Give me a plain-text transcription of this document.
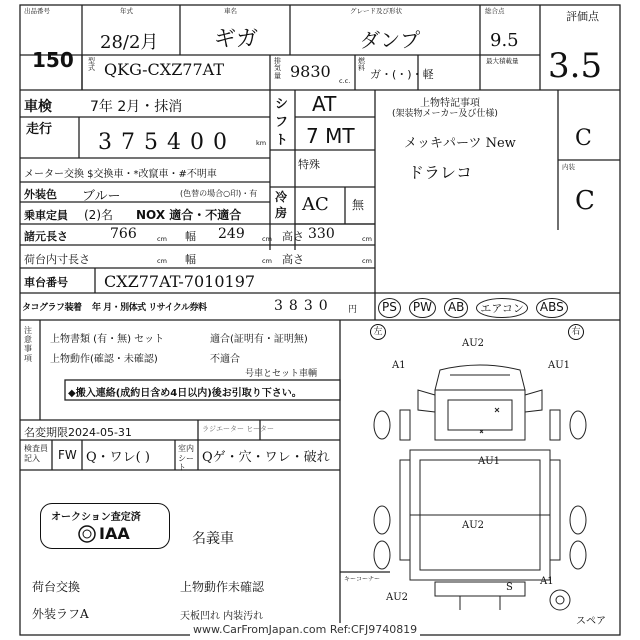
出品番号
150
年式
28/2月
車名
ギガ
グレード及び形状
ダンプ
総合点
9.5
評価点
3.5
型式 QKG-CXZ77AT	排気量 9830 c.c.
燃料 ガ・(・)・軽
最大積載量
車検	7年 2月・抹消
走行
375400	km
メーター交換 $交換車・*改竄車・#不明車
外装色 ブルー	(色替の場合○印)・有
乗車定員 (2)名 NOX 適合・不適合
諸元長さ	766	cm 幅 249	cm 高さ 330	cm
荷台内寸長さ	cm 幅	cm 高さ	cm
車台番号 CXZ77AT-7010197
タコグラフ装着 年 月・別体式 リサイクル券料	3830 円
シフト
AT
7 MT
特殊
冷房 AC 無
PS	PW	AB	エアコン	ABS
上物特記事項
(架装物メーカー及び仕様)
メッキパーツ New
ドラレコ
C
内装
C
注意事項
上物書類 (有・無) セット	適合(証明有・証明無)
上物動作(確認・未確認)	不適合
号車とセット車輌
◆搬入連絡(成約日含め4日以内)後お引取り下さい。
名変期限2024-05-31	ラジエーター ヒーター
検査員記入	FW Q・ワレ( )
室内シート
Qゲ・穴・ワレ・破れ
オークション査定済
IAA	名義車
荷台交換	上物動作未確認
外装ラフA	天板凹れ 内装汚れ
左	右
AU2
A1	AU1
AU1
AU2
AU2
S
A1
キーコーナー
スペア
www.CarFromJapan.com Ref:CFJ9740819
